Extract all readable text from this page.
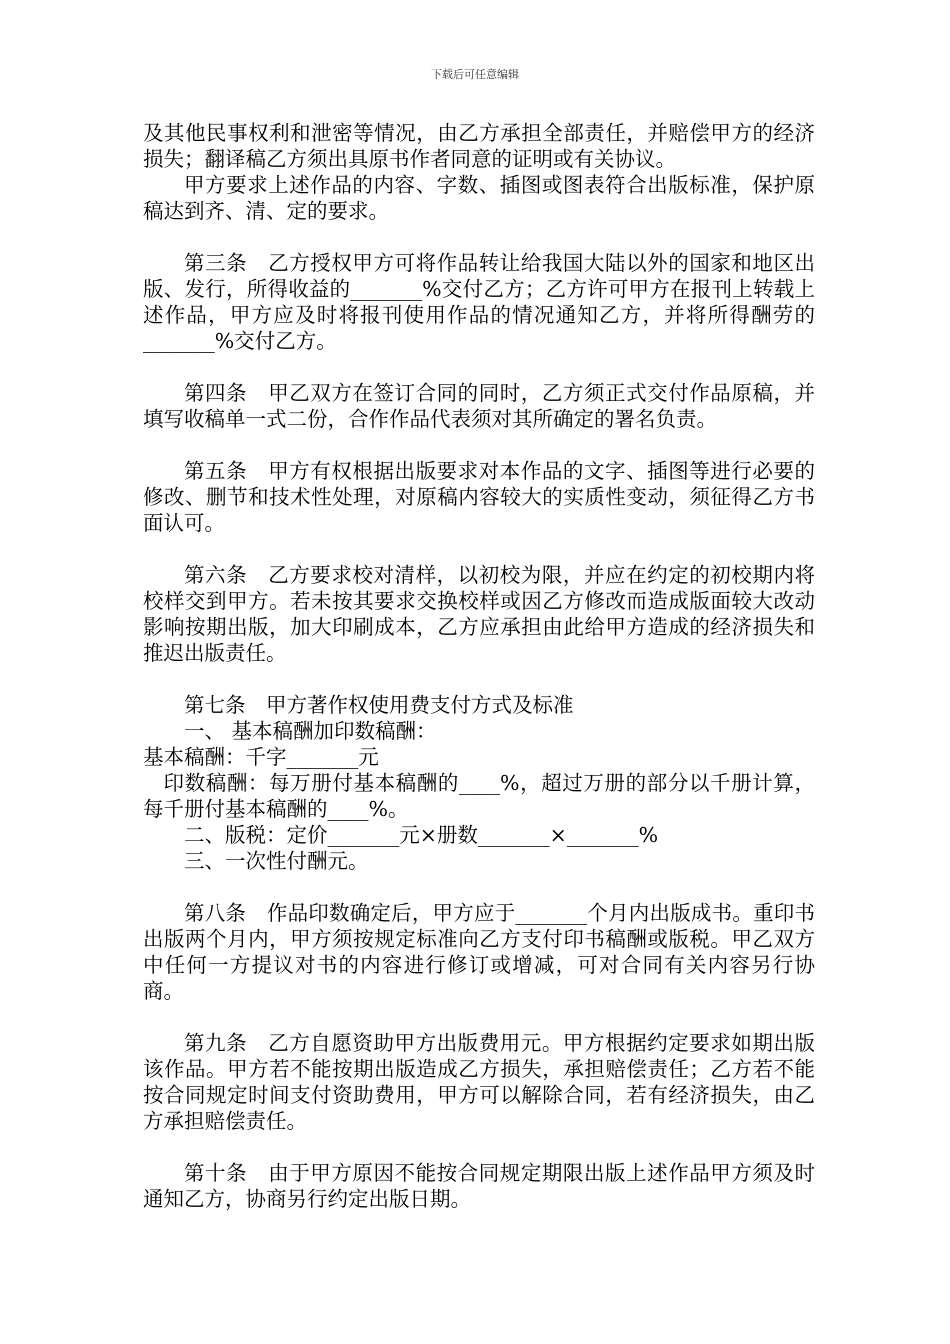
下载后可任意编辑

及其他民事权利和泄密等情况，由乙方承担全部责任，并赔偿甲方的经济损失；翻译稿乙方须出具原书作者同意的证明或有关协议。

甲方要求上述作品的内容、字数、插图或图表符合出版标准，保护原稿达到齐、清、定的要求。

第三条　乙方授权甲方可将作品转让给我国大陆以外的国家和地区出版、发行，所得收益的_______%交付乙方；乙方许可甲方在报刊上转载上述作品，甲方应及时将报刊使用作品的情况通知乙方，并将所得酬劳的_______%交付乙方。

第四条　甲乙双方在签订合同的同时，乙方须正式交付作品原稿，并填写收稿单一式二份，合作作品代表须对其所确定的署名负责。

第五条　甲方有权根据出版要求对本作品的文字、插图等进行必要的修改、删节和技术性处理，对原稿内容较大的实质性变动，须征得乙方书面认可。

第六条　乙方要求校对清样，以初校为限，并应在约定的初校期内将校样交到甲方。若未按其要求交换校样或因乙方修改而造成版面较大改动影响按期出版，加大印刷成本，乙方应承担由此给甲方造成的经济损失和推迟出版责任。

第七条　甲方著作权使用费支付方式及标准

一、 基本稿酬加印数稿酬：

基本稿酬：千字_______元

印数稿酬：每万册付基本稿酬的____%，超过万册的部分以千册计算，每千册付基本稿酬的____%。

二、版税：定价_______元×册数_______×_______%

三、一次性付酬元。

第八条　作品印数确定后，甲方应于_______个月内出版成书。重印书出版两个月内，甲方须按规定标准向乙方支付印书稿酬或版税。甲乙双方中任何一方提议对书的内容进行修订或增减，可对合同有关内容另行协商。

第九条　乙方自愿资助甲方出版费用元。甲方根据约定要求如期出版该作品。甲方若不能按期出版造成乙方损失，承担赔偿责任；乙方若不能按合同规定时间支付资助费用，甲方可以解除合同，若有经济损失，由乙方承担赔偿责任。

第十条　由于甲方原因不能按合同规定期限出版上述作品甲方须及时通知乙方，协商另行约定出版日期。
